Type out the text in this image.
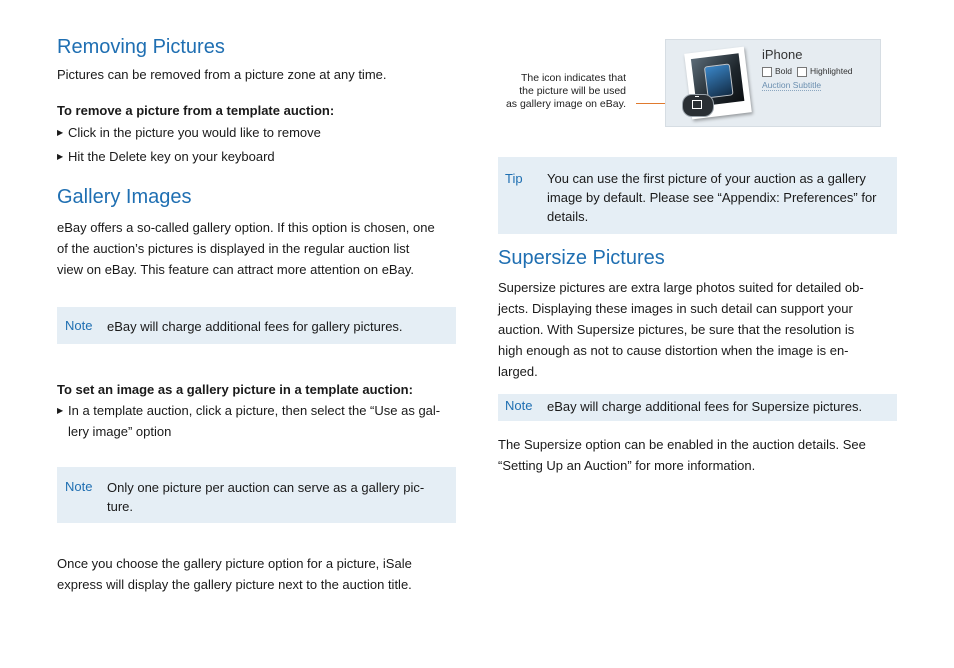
Removing Pictures

Pictures can be removed from a picture zone at any time.

To remove a picture from a template auction:

▶ Click in the picture you would like to remove
▶ Hit the Delete key on your keyboard
Gallery Images
eBay offers a so-called gallery option. If this option is chosen, one
of the auction’s pictures is displayed in the regular auction list
view on eBay. This feature can attract more attention on eBay.
Note eBay will charge additional fees for gallery pictures.

To set an image as a gallery picture in a template auction:

▶ In a template auction, click a picture, then select the “Use as gal-
lery image” option
Note Only one picture per auction can serve as a gallery pic-
ture.
Once you choose the gallery picture option for a picture, iSale
express will display the gallery picture next to the auction title.
The icon indicates that
the picture will be used
as gallery image on eBay.
iPhone
Bold Highlighted
Auction Subtitle
Tip You can use the first picture of your auction as a gallery
image by default. Please see “Appendix: Preferences” for
details.
Supersize Pictures
Supersize pictures are extra large photos suited for detailed ob-
jects. Displaying these images in such detail can support your
auction. With Supersize pictures, be sure that the resolution is
high enough as not to cause distortion when the image is en-
larged.
Note eBay will charge additional fees for Supersize pictures.
The Supersize option can be enabled in the auction details. See
“Setting Up an Auction” for more information.
